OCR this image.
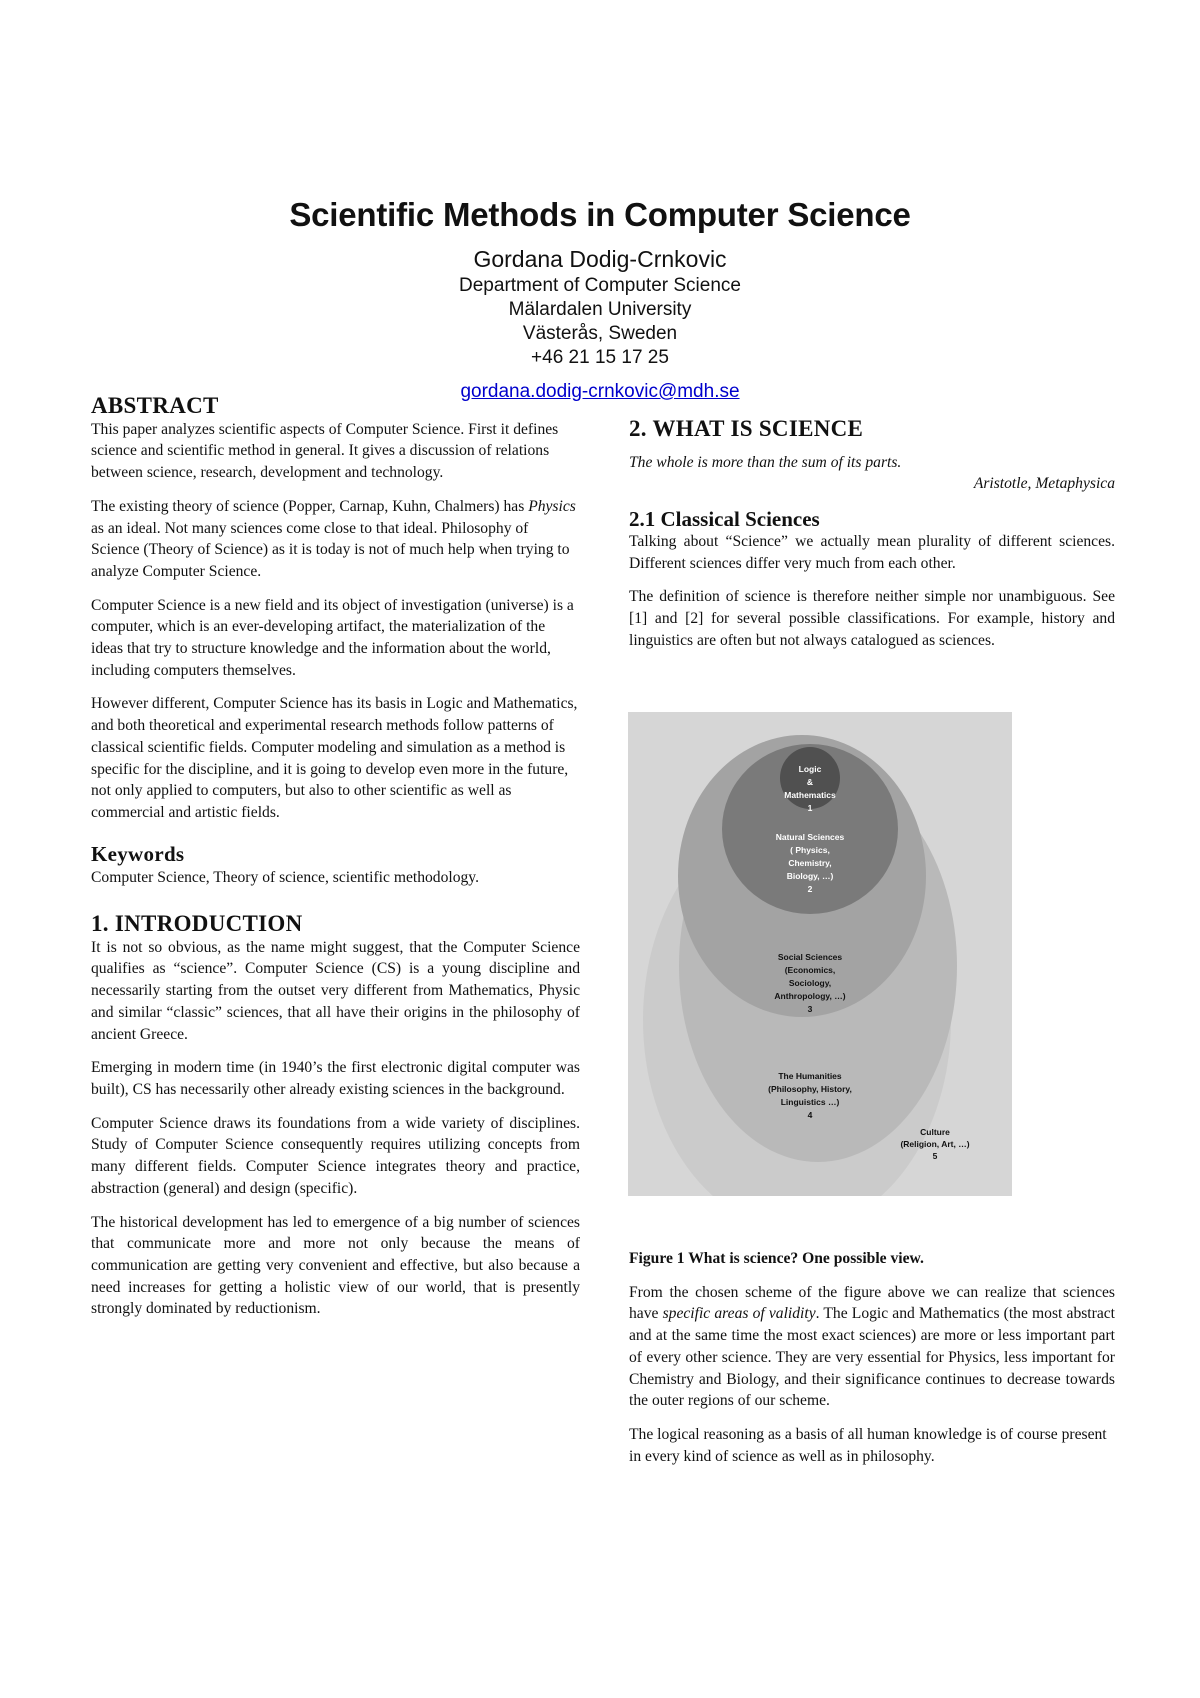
Scientific Methods in Computer Science
Gordana Dodig-Crnkovic
Department of Computer Science
Mälardalen University
Västerås, Sweden
+46 21 15 17 25
gordana.dodig-crnkovic@mdh.se
ABSTRACT

This paper analyzes scientific aspects of Computer Science. First it defines science and scientific method in general. It gives a discussion of relations between science, research, development and technology.

The existing theory of science (Popper, Carnap, Kuhn, Chalmers) has Physics as an ideal. Not many sciences come close to that ideal. Philosophy of Science (Theory of Science) as it is today is not of much help when trying to analyze Computer Science.

Computer Science is a new field and its object of investigation (universe) is a computer, which is an ever-developing artifact, the materialization of the ideas that try to structure knowledge and the information about the world, including computers themselves.

However different, Computer Science has its basis in Logic and Mathematics, and both theoretical and experimental research methods follow patterns of classical scientific fields. Computer modeling and simulation as a method is specific for the discipline, and it is going to develop even more in the future, not only applied to computers, but also to other scientific as well as commercial and artistic fields.

Keywords

Computer Science, Theory of science, scientific methodology.

1. INTRODUCTION

It is not so obvious, as the name might suggest, that the Computer Science qualifies as “science”. Computer Science (CS) is a young discipline and necessarily starting from the outset very different from Mathematics, Physic and similar “classic” sciences, that all have their origins in the philosophy of ancient Greece.

Emerging in modern time (in 1940’s the first electronic digital computer was built), CS has necessarily other already existing sciences in the background.

Computer Science draws its foundations from a wide variety of disciplines. Study of Computer Science consequently requires utilizing concepts from many different fields. Computer Science integrates theory and practice, abstraction (general) and design (specific).

The historical development has led to emergence of a big number of sciences that communicate more and more not only because the means of communication are getting very convenient and effective, but also because a need increases for getting a holistic view of our world, that is presently strongly dominated by reductionism.

2. WHAT IS SCIENCE
The whole is more than the sum of its parts.
Aristotle, Metaphysica
2.1 Classical Sciences

Talking about “Science” we actually mean plurality of different sciences. Different sciences differ very much from each other.

The definition of science is therefore neither simple nor unambiguous. See [1] and [2] for several possible classifications. For example, history and linguistics are often but not always catalogued as sciences.

Logic
&
Mathematics
1
Natural Sciences
( Physics,
Chemistry,
Biology, …)
2
Social Sciences
(Economics,
Sociology,
Anthropology, …)
3
The Humanities
(Philosophy, History,
Linguistics …)
4
Culture
(Religion, Art, …)
5
Figure 1 What is science? One possible view.

From the chosen scheme of the figure above we can realize that sciences have specific areas of validity. The Logic and Mathematics (the most abstract and at the same time the most exact sciences) are more or less important part of every other science. They are very essential for Physics, less important for Chemistry and Biology, and their significance continues to decrease towards the outer regions of our scheme.

The logical reasoning as a basis of all human knowledge is of course present in every kind of science as well as in philosophy.
